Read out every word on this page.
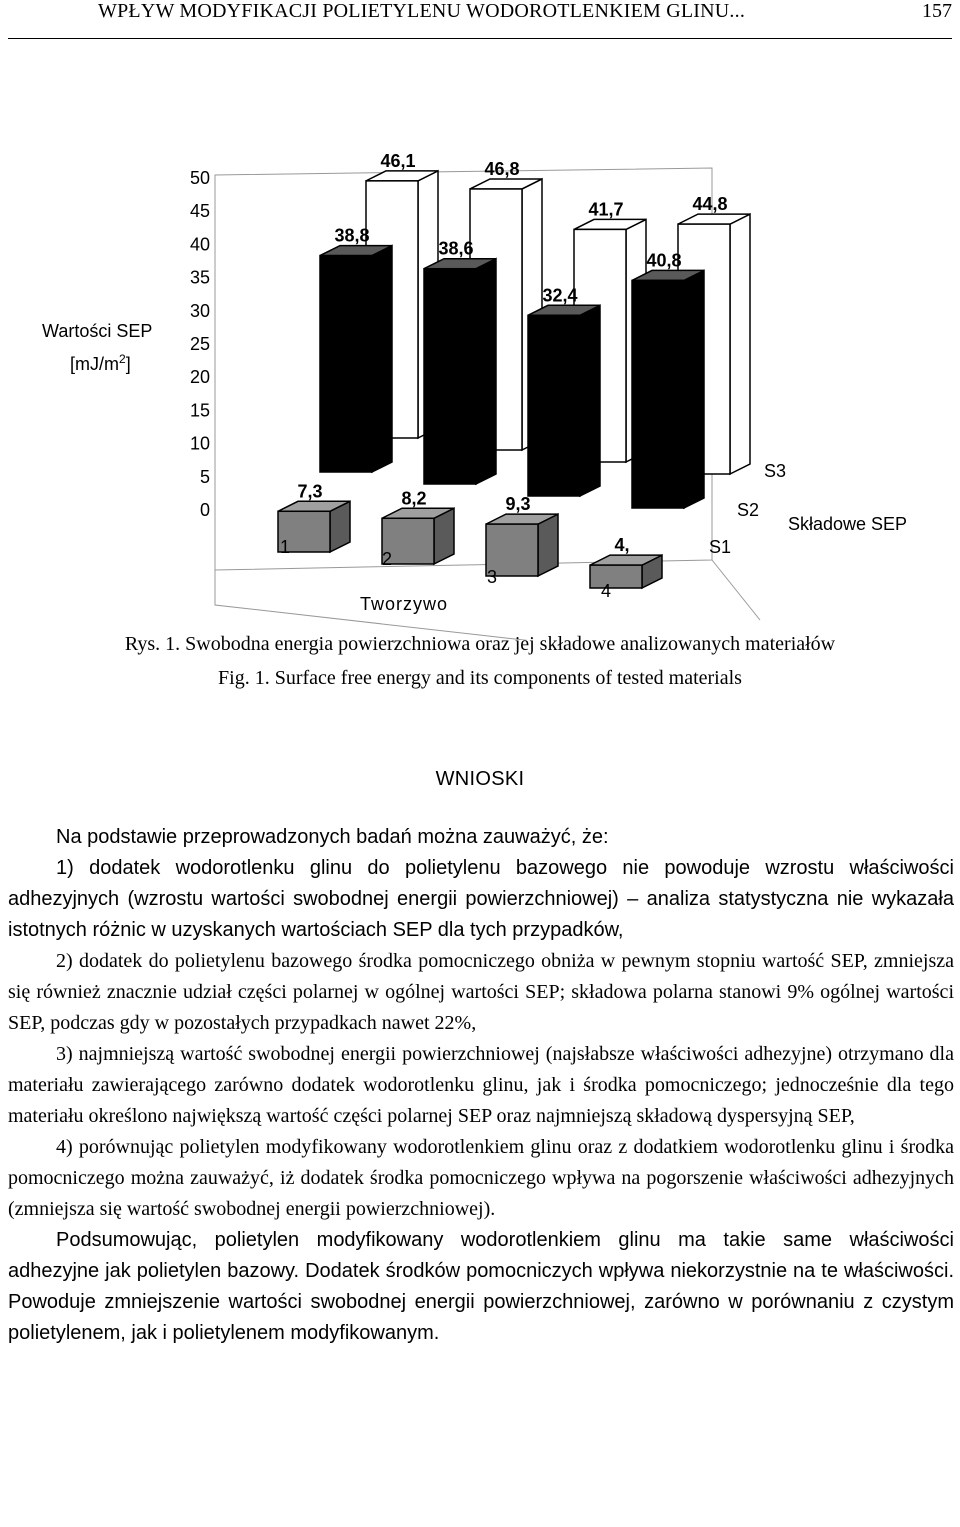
WPŁYW MODYFIKACJI POLIETYLENU WODOROTLENKIEM GLINU...	157
46,1	46,8
41,7	44,8
38,8
38,6
32,4
40,8
7,3	8,2	9,3
4,
0
5
10
15
20
25
30
35
40
45
50
1
2
3
4
S1
S2
S3
Wartości SEP
$[mJ/m^2]$
Tworzywo
Składowe SEP
Rys. 1. Swobodna energia powierzchniowa oraz jej składowe analizowanych materiałów
Fig. 1. Surface free energy and its components of tested materials
WNIOSKI

Na podstawie przeprowadzonych badań można zauważyć, że:

1) dodatek wodorotlenku glinu do polietylenu bazowego nie powoduje wzrostu właściwości adhezyjnych (wzrostu wartości swobodnej energii powierzchniowej) – analiza statystyczna nie wykazała istotnych różnic w uzyskanych wartościach SEP dla tych przypadków,

2) dodatek do polietylenu bazowego środka pomocniczego obniża w pewnym stopniu wartość SEP, zmniejsza się również znacznie udział części polarnej w ogólnej wartości SEP; składowa polarna stanowi 9% ogólnej wartości SEP, podczas gdy w pozostałych przypadkach nawet 22%,

3) najmniejszą wartość swobodnej energii powierzchniowej (najsłabsze właściwości adhezyjne) otrzymano dla materiału zawierającego zarówno dodatek wodorotlenku glinu, jak i środka pomocniczego; jednocześnie dla tego materiału określono największą wartość części polarnej SEP oraz najmniejszą składową dyspersyjną SEP,

4) porównując polietylen modyfikowany wodorotlenkiem glinu oraz z dodatkiem wodorotlenku glinu i środka pomocniczego można zauważyć, iż dodatek środka pomocniczego wpływa na pogorszenie właściwości adhezyjnych (zmniejsza się wartość swobodnej energii powierzchniowej).

Podsumowując, polietylen modyfikowany wodorotlenkiem glinu ma takie same właściwości adhezyjne jak polietylen bazowy. Dodatek środków pomocniczych wpływa niekorzystnie na te właściwości. Powoduje zmniejszenie wartości swobodnej energii powierzchniowej, zarówno w porównaniu z czystym polietylenem, jak i polietylenem modyfikowanym.
